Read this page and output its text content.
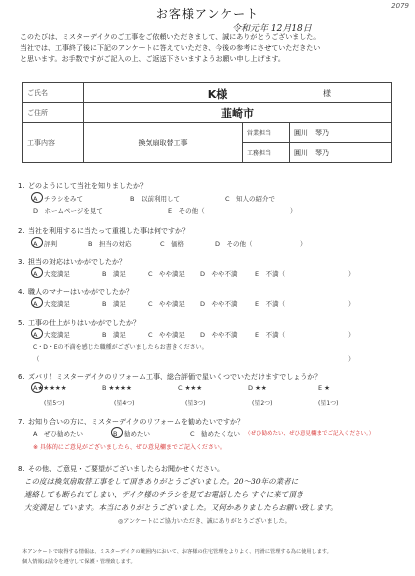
2079
お客様アンケート
令和元年 12月18日
このたびは、ミスターデイクのご工事をご依頼いただきまして、誠にありがとうございました。
当社では、工事終了後に下記のアンケートに答えていただき、今後の参考にさせていただきたい
と思います。お手数ですがご記入の上、ご返送下さいますようお願い申し上げます。
ご氏名	K様 様		

ご住所	韮崎市		
工事内容	換気扇取替工事	営業担当	圓川　琴乃
		工務担当	圓川　琴乃
1. どのようにして当社を知りましたか？
A　チラシをみて	B　以前利用して	C　知人の紹介で
D　ホームページを見て	E　その他（	）
2. 当社を利用するに当たって重視した事は何ですか？
A　評判	B　担当の対応	C　価格	D　その他（	）
3. 担当の対応はいかがでしたか？
A　大変満足	B　満足	C　やや満足 D　やや不満	E　不満（	）
4. 職人のマナーはいかがでしたか？
A　大変満足	B　満足	C　やや満足 D　やや不満	E　不満（	）
5. 工事の仕上がりはいかがでしたか？
A　大変満足	B　満足	C　やや満足 D　やや不満	E　不満（	）
C・D・Eの不満を感じた職種がございましたらお書きください。
（	）
6. ズバリ！ミスターデイクのリフォーム工事、総合評価で星いくつでいただけますでしょうか？
A★★★★★	B ★★★★	C ★★★	D ★★	E ★
(星5つ)	(星4つ)	(星3つ)	(星2つ)	(星1つ)
7. お知り合いの方に、ミスターデイクのリフォームを勧めたいですか？
A　ぜひ勧めたい	B　勧めたい	C　勧めたくない
※ 具体的にご意見がございましたら、ぜひ意見欄までご記入ください。
（ぜひ勧めたい、ぜひ意見欄までご記入ください。）
8. その他、ご意見・ご要望がございましたらお聞かせください。
この度は換気扇取替工事をして頂きありがとうございました。20〜30年の業者に
連絡しても断られてしまい、デイク様のチラシを見てお電話したら すぐに来て頂き
大変満足しています。本当にありがとうございました。又何かありましたらお願い致します。
◎アンケートにご協力いただき、誠にありがとうございました。
本アンケートで取得する情報は、ミスターデイクの範囲内において、お客様の住宅管理をよりよく、円滑に管理する為に使用します。
個人情報は法令を遵守して保護・管理致します。
